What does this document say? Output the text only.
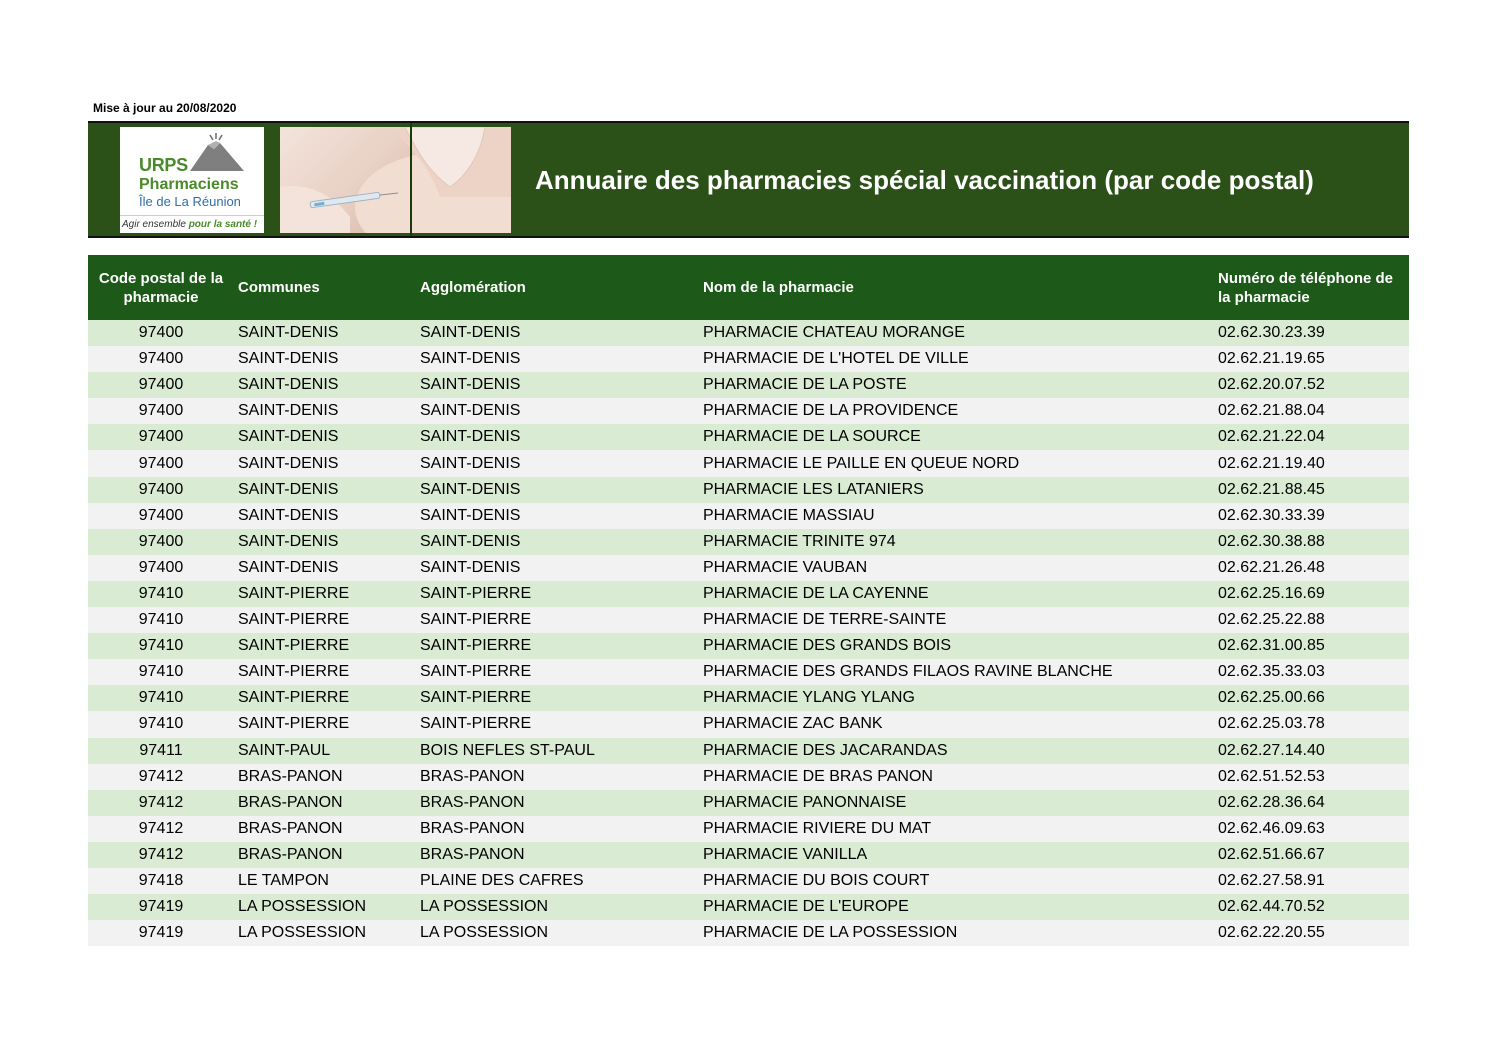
Mise à jour au 20/08/2020
URPS
Pharmaciens
Île de La Réunion
Agir ensemble pour la santé !
Annuaire des pharmacies spécial vaccination (par code postal)
Code postal de la pharmacie	Communes	Agglomération	Nom de la pharmacie	Numéro de téléphone de la pharmacie
97400	SAINT-DENIS	SAINT-DENIS	PHARMACIE CHATEAU MORANGE	02.62.30.23.39
97400	SAINT-DENIS	SAINT-DENIS	PHARMACIE DE L'HOTEL DE VILLE	02.62.21.19.65
97400	SAINT-DENIS	SAINT-DENIS	PHARMACIE DE LA POSTE	02.62.20.07.52
97400	SAINT-DENIS	SAINT-DENIS	PHARMACIE DE LA PROVIDENCE	02.62.21.88.04
97400	SAINT-DENIS	SAINT-DENIS	PHARMACIE DE LA SOURCE	02.62.21.22.04
97400	SAINT-DENIS	SAINT-DENIS	PHARMACIE LE PAILLE EN QUEUE NORD	02.62.21.19.40
97400	SAINT-DENIS	SAINT-DENIS	PHARMACIE LES LATANIERS	02.62.21.88.45
97400	SAINT-DENIS	SAINT-DENIS	PHARMACIE MASSIAU	02.62.30.33.39
97400	SAINT-DENIS	SAINT-DENIS	PHARMACIE TRINITE 974	02.62.30.38.88
97400	SAINT-DENIS	SAINT-DENIS	PHARMACIE VAUBAN	02.62.21.26.48
97410	SAINT-PIERRE	SAINT-PIERRE	PHARMACIE DE LA CAYENNE	02.62.25.16.69
97410	SAINT-PIERRE	SAINT-PIERRE	PHARMACIE DE TERRE-SAINTE	02.62.25.22.88
97410	SAINT-PIERRE	SAINT-PIERRE	PHARMACIE DES GRANDS BOIS	02.62.31.00.85
97410	SAINT-PIERRE	SAINT-PIERRE	PHARMACIE DES GRANDS FILAOS RAVINE BLANCHE	02.62.35.33.03
97410	SAINT-PIERRE	SAINT-PIERRE	PHARMACIE YLANG YLANG	02.62.25.00.66
97410	SAINT-PIERRE	SAINT-PIERRE	PHARMACIE ZAC BANK	02.62.25.03.78
97411	SAINT-PAUL	BOIS NEFLES ST-PAUL	PHARMACIE DES JACARANDAS	02.62.27.14.40
97412	BRAS-PANON	BRAS-PANON	PHARMACIE DE BRAS PANON	02.62.51.52.53
97412	BRAS-PANON	BRAS-PANON	PHARMACIE PANONNAISE	02.62.28.36.64
97412	BRAS-PANON	BRAS-PANON	PHARMACIE RIVIERE DU MAT	02.62.46.09.63
97412	BRAS-PANON	BRAS-PANON	PHARMACIE VANILLA	02.62.51.66.67
97418	LE TAMPON	PLAINE DES CAFRES	PHARMACIE DU BOIS COURT	02.62.27.58.91
97419	LA POSSESSION	LA POSSESSION	PHARMACIE DE L'EUROPE	02.62.44.70.52
97419	LA POSSESSION	LA POSSESSION	PHARMACIE DE LA POSSESSION	02.62.22.20.55
